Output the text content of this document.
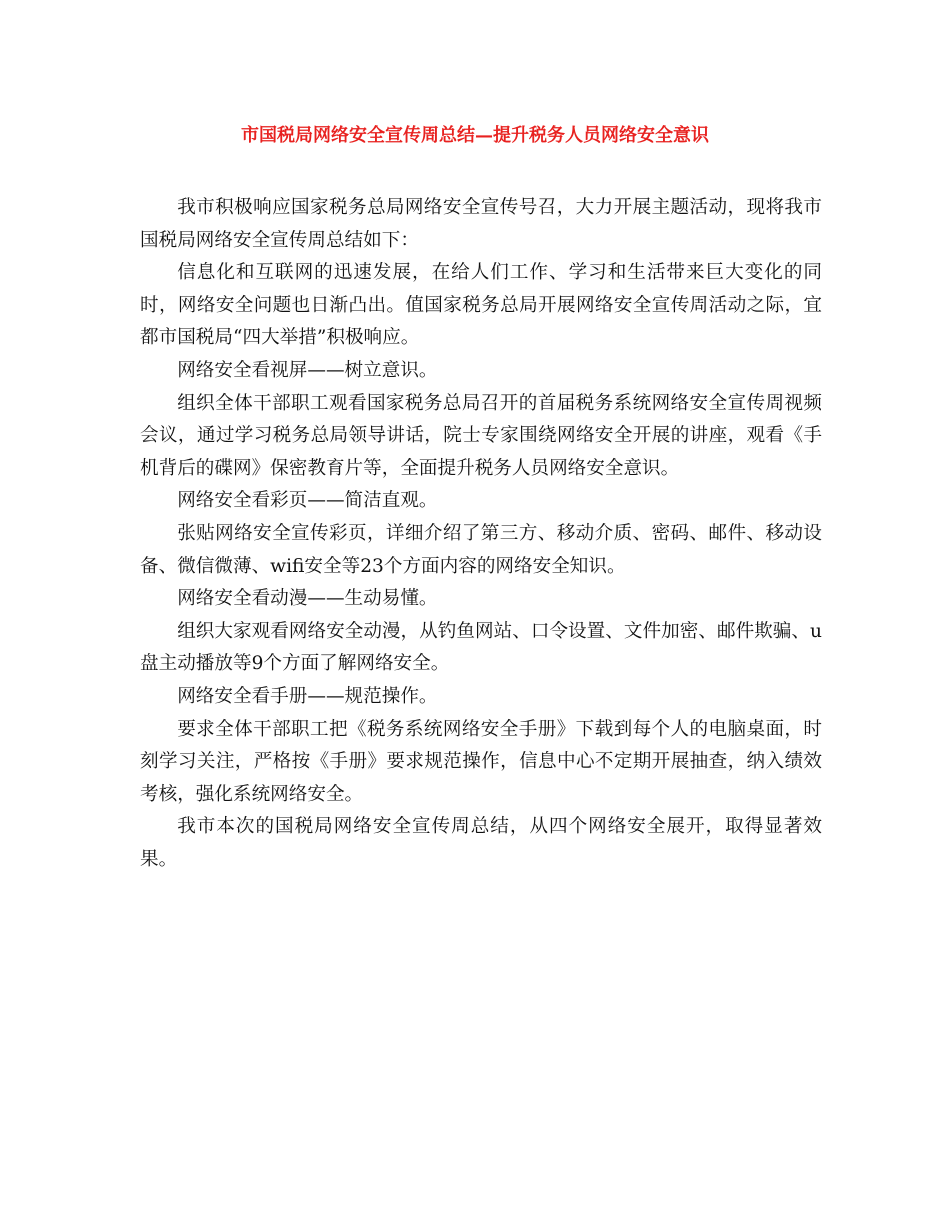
市国税局网络安全宣传周总结—提升税务人员网络安全意识

我市积极响应国家税务总局网络安全宣传号召，大力开展主题活动，现将我市国税局网络安全宣传周总结如下：

信息化和互联网的迅速发展，在给人们工作、学习和生活带来巨大变化的同时，网络安全问题也日渐凸出。值国家税务总局开展网络安全宣传周活动之际，宜都市国税局“四大举措”积极响应。

网络安全看视屏——树立意识。

组织全体干部职工观看国家税务总局召开的首届税务系统网络安全宣传周视频会议，通过学习税务总局领导讲话，院士专家围绕网络安全开展的讲座，观看《手机背后的碟网》保密教育片等，全面提升税务人员网络安全意识。

网络安全看彩页——简洁直观。

张贴网络安全宣传彩页，详细介绍了第三方、移动介质、密码、邮件、移动设备、微信微薄、wifi安全等23个方面内容的网络安全知识。

网络安全看动漫——生动易懂。

组织大家观看网络安全动漫，从钓鱼网站、口令设置、文件加密、邮件欺骗、u盘主动播放等9个方面了解网络安全。

网络安全看手册——规范操作。

要求全体干部职工把《税务系统网络安全手册》下载到每个人的电脑桌面，时刻学习关注，严格按《手册》要求规范操作，信息中心不定期开展抽查，纳入绩效考核，强化系统网络安全。

我市本次的国税局网络安全宣传周总结，从四个网络安全展开，取得显著效果。
